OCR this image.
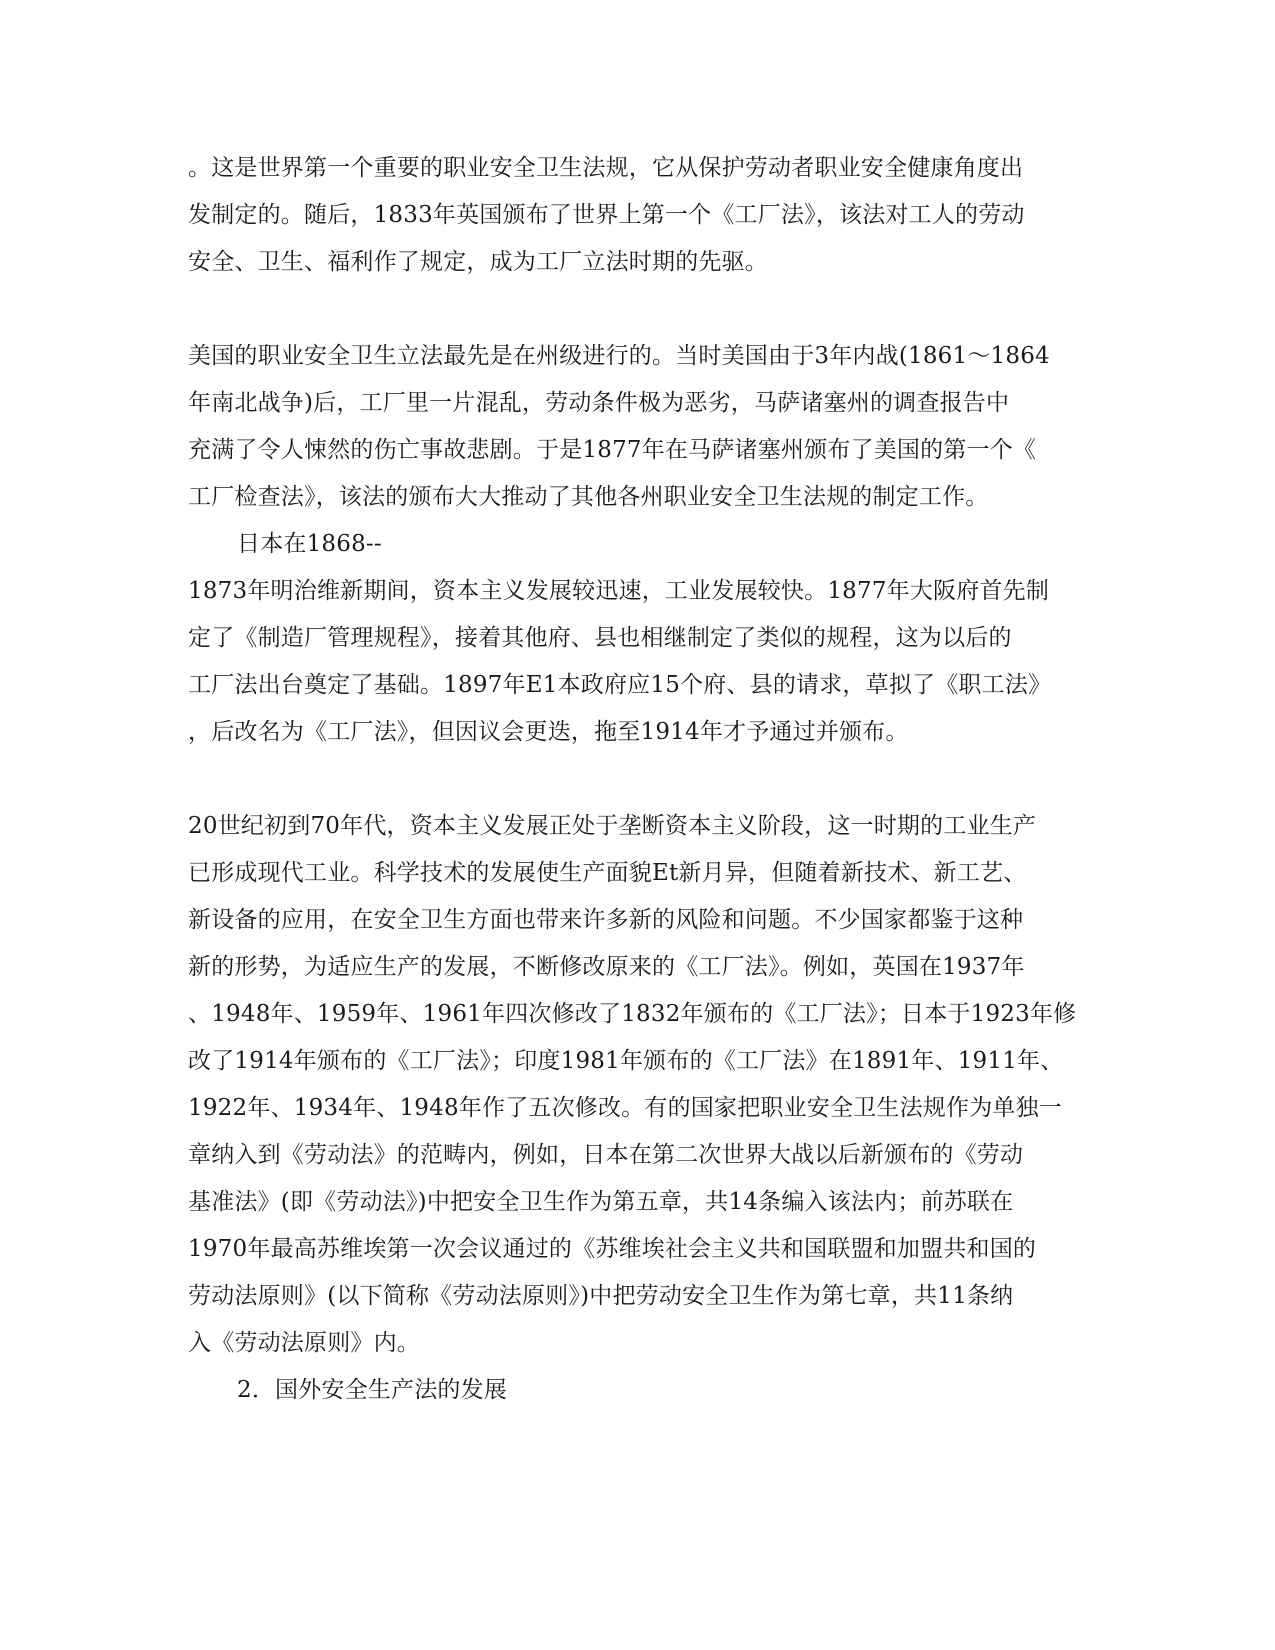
。这是世界第一个重要的职业安全卫生法规，它从保护劳动者职业安全健康角度出
发制定的。随后，1833年英国颁布了世界上第一个《工厂法》，该法对工人的劳动
安全、卫生、福利作了规定，成为工厂立法时期的先驱。
美国的职业安全卫生立法最先是在州级进行的。当时美国由于3年内战(1861～1864
年南北战争)后，工厂里一片混乱，劳动条件极为恶劣，马萨诸塞州的调查报告中
充满了令人悚然的伤亡事故悲剧。于是1877年在马萨诸塞州颁布了美国的第一个《
工厂检查法》，该法的颁布大大推动了其他各州职业安全卫生法规的制定工作。
日本在1868--
1873年明治维新期间，资本主义发展较迅速，工业发展较快。1877年大阪府首先制
定了《制造厂管理规程》，接着其他府、县也相继制定了类似的规程，这为以后的
工厂法出台奠定了基础。1897年E1本政府应15个府、县的请求，草拟了《职工法》
，后改名为《工厂法》，但因议会更迭，拖至1914年才予通过并颁布。
20世纪初到70年代，资本主义发展正处于垄断资本主义阶段，这一时期的工业生产
已形成现代工业。科学技术的发展使生产面貌Et新月异，但随着新技术、新工艺、
新设备的应用，在安全卫生方面也带来许多新的风险和问题。不少国家都鉴于这种
新的形势，为适应生产的发展，不断修改原来的《工厂法》。例如，英国在1937年
、1948年、1959年、1961年四次修改了1832年颁布的《工厂法》；日本于1923年修
改了1914年颁布的《工厂法》；印度1981年颁布的《工厂法》在1891年、1911年、
1922年、1934年、1948年作了五次修改。有的国家把职业安全卫生法规作为单独一
章纳入到《劳动法》的范畴内，例如，日本在第二次世界大战以后新颁布的《劳动
基准法》(即《劳动法》)中把安全卫生作为第五章，共14条编入该法内；前苏联在
1970年最高苏维埃第一次会议通过的《苏维埃社会主义共和国联盟和加盟共和国的
劳动法原则》(以下简称《劳动法原则》)中把劳动安全卫生作为第七章，共11条纳
入《劳动法原则》内。
2．国外安全生产法的发展
